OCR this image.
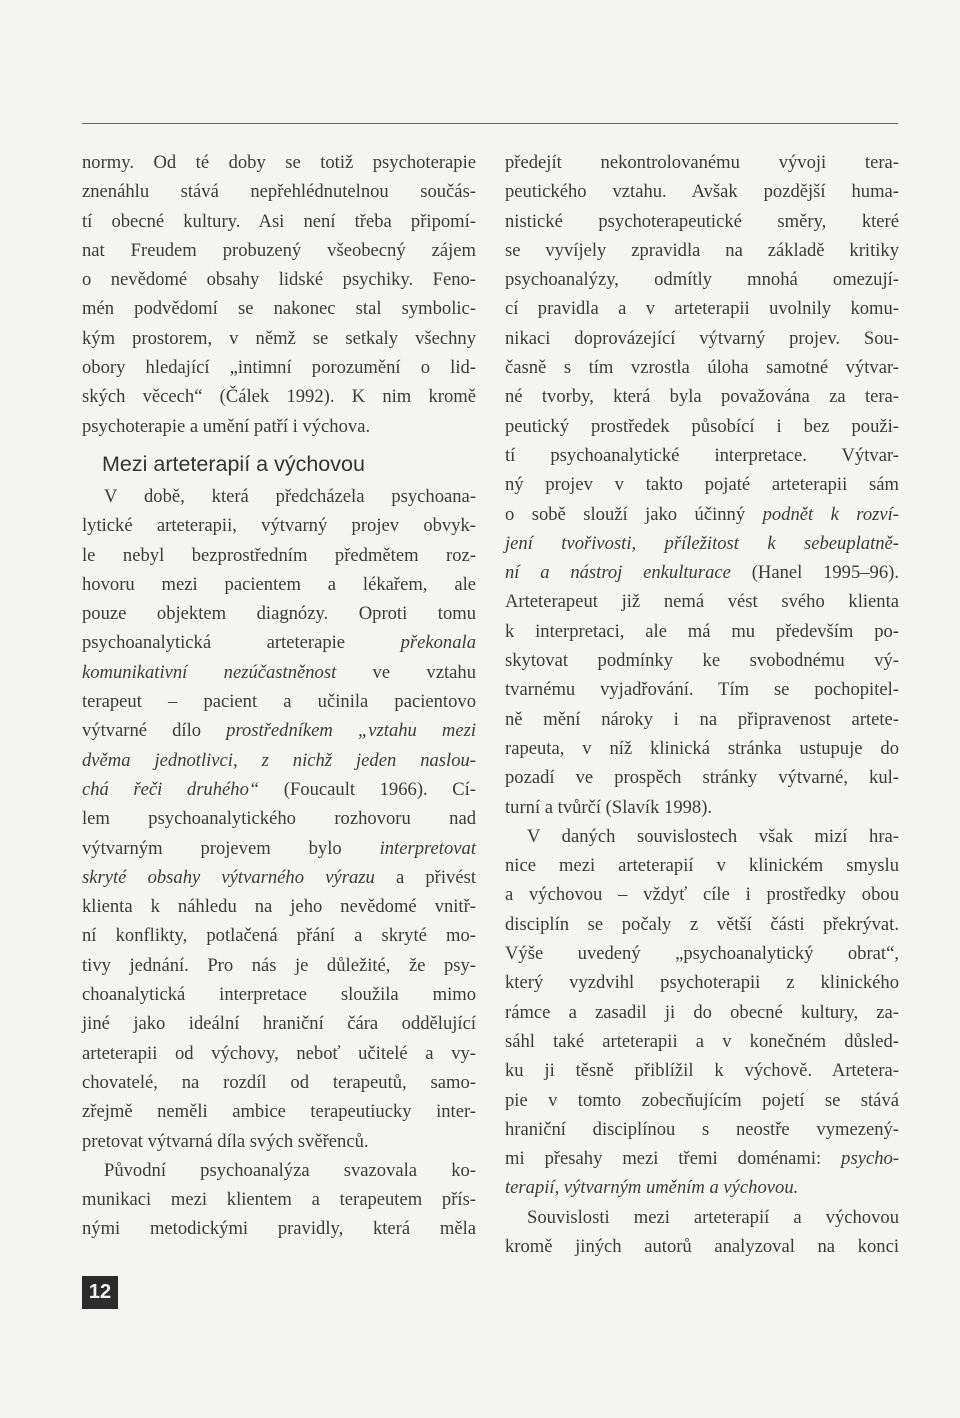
normy. Od té doby se totiž psychoterapie
znenáhlu stává nepřehlédnutelnou součás-
tí obecné kultury. Asi není třeba připomí-
nat Freudem probuzený všeobecný zájem
o nevědomé obsahy lidské psychiky. Feno-
mén podvědomí se nakonec stal symbolic-
kým prostorem, v němž se setkaly všechny
obory hledající „intimní porozumění o lid-
ských věcech“ (Čálek 1992). K nim kromě
psychoterapie a umění patří i výchova.
Mezi arteterapií a výchovou
V době, která předcházela psychoana-
lytické arteterapii, výtvarný projev obvyk-
le nebyl bezprostředním předmětem roz-
hovoru mezi pacientem a lékařem, ale
pouze objektem diagnózy. Oproti tomu
psychoanalytická arteterapie překonala
komunikativní nezúčastněnost ve vztahu
terapeut – pacient a učinila pacientovo
výtvarné dílo prostředníkem „vztahu mezi
dvěma jednotlivci, z nichž jeden naslou-
chá řeči druhého“ (Foucault 1966). Cí-
lem psychoanalytického rozhovoru nad
výtvarným projevem bylo interpretovat
skryté obsahy výtvarného výrazu a přivést
klienta k náhledu na jeho nevědomé vnitř-
ní konflikty, potlačená přání a skryté mo-
tivy jednání. Pro nás je důležité, že psy-
choanalytická interpretace sloužila mimo
jiné jako ideální hraniční čára oddělující
arteterapii od výchovy, neboť učitelé a vy-
chovatelé, na rozdíl od terapeutů, samo-
zřejmě neměli ambice terapeutiucky inter-
pretovat výtvarná díla svých svěřenců.
Původní psychoanalýza svazovala ko-
munikaci mezi klientem a terapeutem přís-
nými metodickými pravidly, která měla
předejít nekontrolovanému vývoji tera-
peutického vztahu. Avšak pozdější huma-
nistické psychoterapeutické směry, které
se vyvíjely zpravidla na základě kritiky
psychoanalýzy, odmítly mnohá omezují-
cí pravidla a v arteterapii uvolnily komu-
nikaci doprovázející výtvarný projev. Sou-
časně s tím vzrostla úloha samotné výtvar-
né tvorby, která byla považována za tera-
peutický prostředek působící i bez použi-
tí psychoanalytické interpretace. Výtvar-
ný projev v takto pojaté arteterapii sám
o sobě slouží jako účinný podnět k rozví-
jení tvořivosti, příležitost k sebeuplatně-
ní a nástroj enkulturace (Hanel 1995–96).
Arteterapeut již nemá vést svého klienta
k interpretaci, ale má mu především po-
skytovat podmínky ke svobodnému vý-
tvarnému vyjadřování. Tím se pochopitel-
ně mění nároky i na připravenost artete-
rapeuta, v níž klinická stránka ustupuje do
pozadí ve prospěch stránky výtvarné, kul-
turní a tvůrčí (Slavík 1998).
V daných souvislostech však mizí hra-
nice mezi arteterapií v klinickém smyslu
a výchovou – vždyť cíle i prostředky obou
disciplín se počaly z větší části překrývat.
Výše uvedený „psychoanalytický obrat“,
který vyzdvihl psychoterapii z klinického
rámce a zasadil ji do obecné kultury, za-
sáhl také arteterapii a v konečném důsled-
ku ji těsně přiblížil k výchově. Artetera-
pie v tomto zobecňujícím pojetí se stává
hraniční disciplínou s neostře vymezený-
mi přesahy mezi třemi doménami: psycho-
terapií, výtvarným uměním a výchovou.
Souvislosti mezi arteterapií a výchovou
kromě jiných autorů analyzoval na konci
12
